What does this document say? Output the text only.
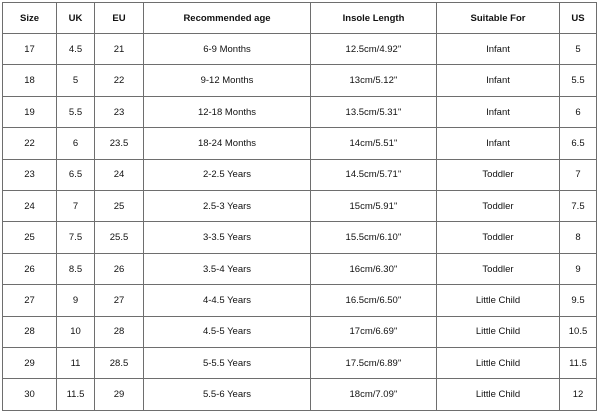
Size	UK	EU	Recommended age	Insole Length	Suitable For	US
17	4.5	21	6-9 Months	12.5cm/4.92''	Infant	5
18	5	22	9-12 Months	13cm/5.12''	Infant	5.5
19	5.5	23	12-18 Months	13.5cm/5.31''	Infant	6
22	6	23.5	18-24 Months	14cm/5.51''	Infant	6.5
23	6.5	24	2-2.5 Years	14.5cm/5.71''	Toddler	7
24	7	25	2.5-3 Years	15cm/5.91''	Toddler	7.5
25	7.5	25.5	3-3.5 Years	15.5cm/6.10''	Toddler	8
26	8.5	26	3.5-4 Years	16cm/6.30''	Toddler	9
27	9	27	4-4.5 Years	16.5cm/6.50''	Little Child	9.5
28	10	28	4.5-5 Years	17cm/6.69''	Little Child	10.5
29	11	28.5	5-5.5 Years	17.5cm/6.89''	Little Child	11.5
30	11.5	29	5.5-6 Years	18cm/7.09''	Little Child	12
